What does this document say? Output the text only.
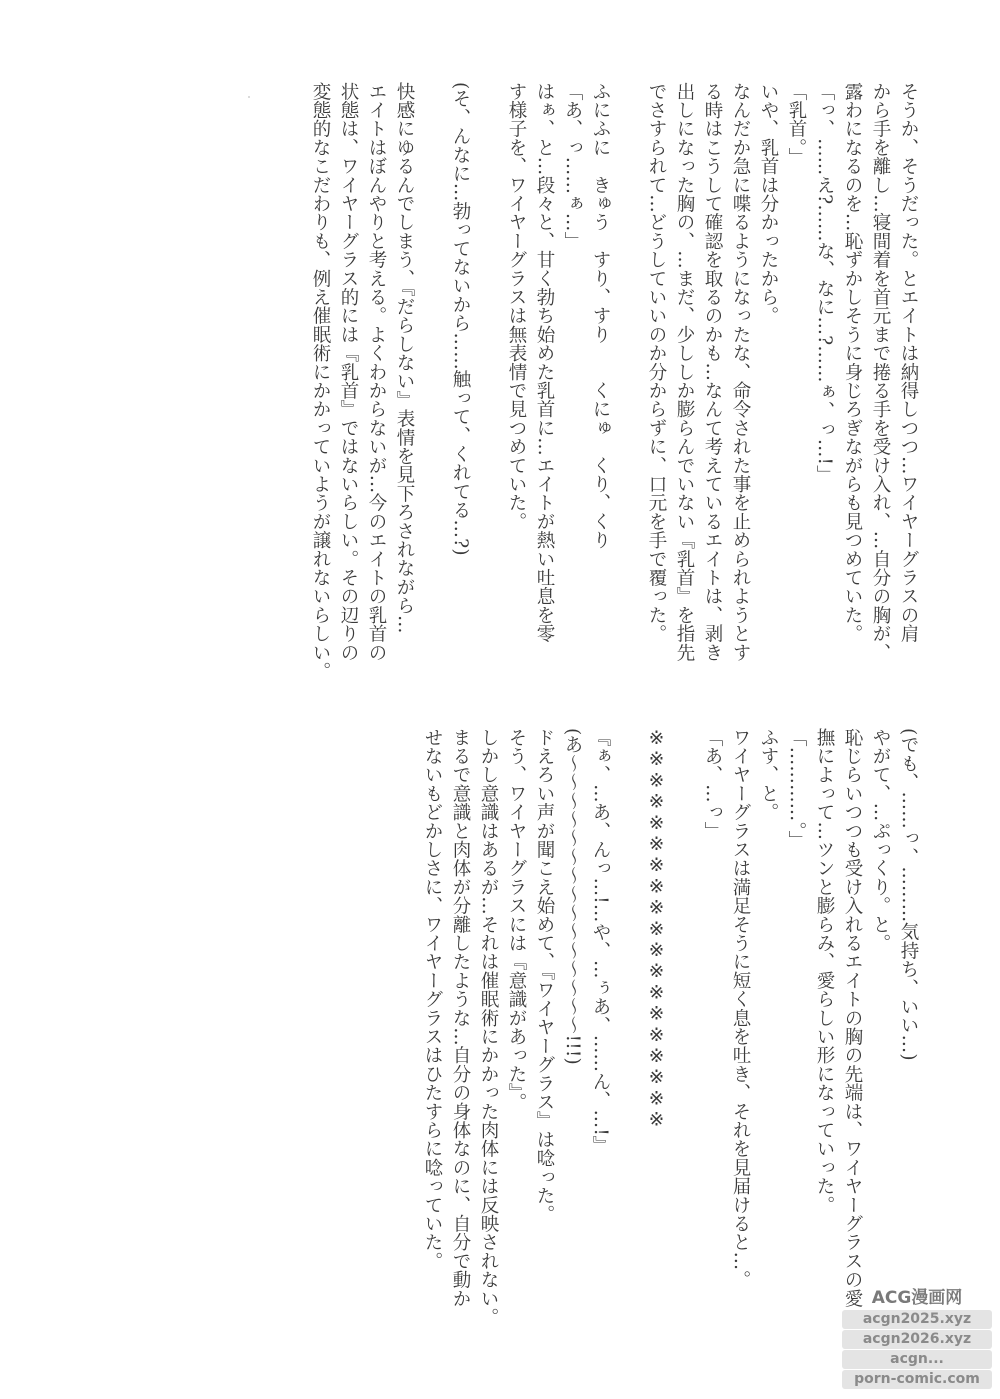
そうか、そうだった。とエイトは納得しつつ…ワイヤーグラスの肩
から手を離し…寝間着を首元まで捲る手を受け入れ、…自分の胸が、
露わになるのを…恥ずかしそうに身じろぎながらも見つめていた。
「っ、……え?……な、なに…?……ぁ、っ…!」
「乳首。」
いや、乳首は分かったから。
なんだか急に喋るようになったな、命令された事を止められようとす
る時はこうして確認を取るのかも…なんて考えているエイトは、剥き
出しになった胸の、…まだ、少ししか膨らんでいない『乳首』を指先
でさすられて…どうしていいのか分からずに、口元を手で覆った。
ふにふに　きゅう　すり、すり　　くにゅ　くり、くり
「あ、っ……ぁ…」
はぁ、と…段々と、甘く勃ち始めた乳首に…エイトが熱い吐息を零
す様子を、ワイヤーグラスは無表情で見つめていた。
(そ、んなに…勃ってないから……触って、くれてる…?)
快感にゆるんでしまう、『だらしない』表情を見下ろされながら…
エイトはぼんやりと考える。よくわからないが…今のエイトの乳首の
状態は、ワイヤーグラス的には『乳首』ではないらしい。その辺りの
変態的なこだわりも、例え催眠術にかかっていようが譲れないらしい。
(でも、……っ、………気持ち、いい…)
やがて、…ぷっくり。と。
恥じらいつつも受け入れるエイトの胸の先端は、ワイヤーグラスの愛
撫によって…ツンと膨らみ、愛らしい形になっていった。
「…………。」
ふす、と。
ワイヤーグラスは満足そうに短く息を吐き、それを見届けると…。
「あ、…っ」
※※※※※※※※※※※※※※※※※※※
『ぁ、…あ、んっ…!…や、…ぅあ、……ん、…!』
(あ〜〜〜〜〜〜〜〜〜〜〜〜〜〜〜!!!)
ドえろい声が聞こえ始めて、『ワイヤーグラス』は唸った。
そう、ワイヤーグラスには『意識があった』。
しかし意識はあるが…それは催眠術にかかった肉体には反映されない。
まるで意識と肉体が分離したような…自分の身体なのに、自分で動か
せないもどかしさに、ワイヤーグラスはひたすらに唸っていた。
ACG漫画网
acgn2025.xyz
acgn2026.xyz
acgn...
porn-comic.com
